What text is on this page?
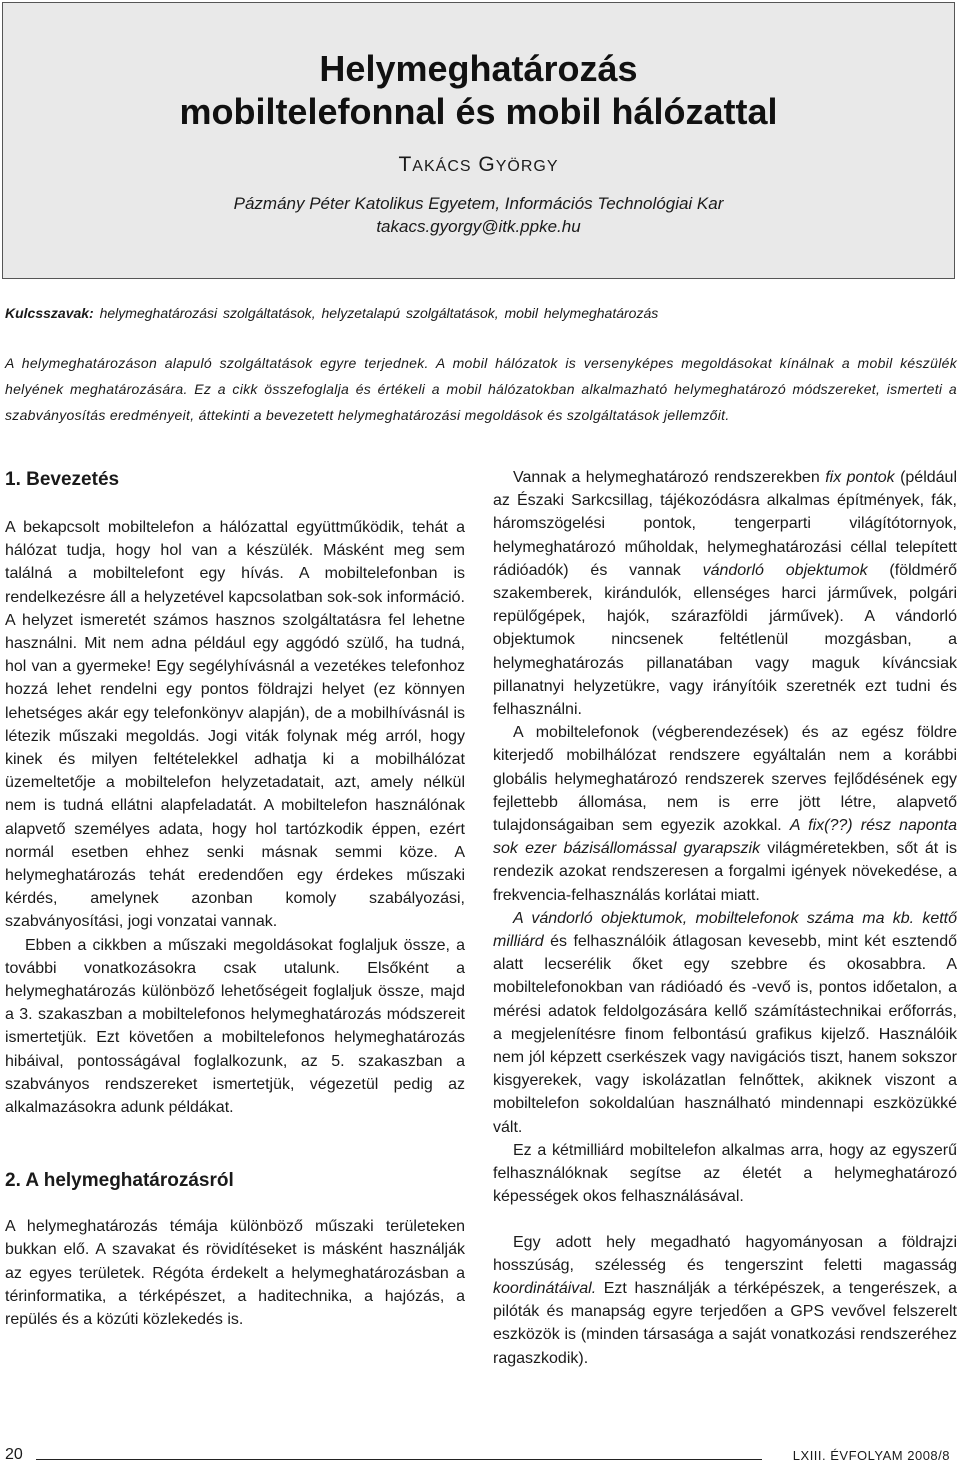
Helymeghatározás
mobiltelefonnal és mobil hálózattal
TAKÁCS GYÖRGY
Pázmány Péter Katolikus Egyetem, Információs Technológiai Kar
takacs.gyorgy@itk.ppke.hu
Kulcsszavak: helymeghatározási szolgáltatások, helyzetalapú szolgáltatások, mobil helymeghatározás
A helymeghatározáson alapuló szolgáltatások egyre terjednek. A mobil hálózatok is versenyképes megoldásokat kínálnak a mobil készülék helyének meghatározására. Ez a cikk összefoglalja és értékeli a mobil hálózatokban alkalmazható helymeghatározó módszereket, ismerteti a szabványosítás eredményeit, áttekinti a bevezetett helymeghatározási megoldások és szolgáltatások jellemzőit.
1. Bevezetés

A bekapcsolt mobiltelefon a hálózattal együttműködik, tehát a hálózat tudja, hogy hol van a készülék. Másként meg sem találná a mobiltelefont egy hívás. A mobiltelefonban is rendelkezésre áll a helyzetével kapcsolatban sok-sok információ. A helyzet ismeretét számos hasznos szolgáltatásra fel lehetne használni. Mit nem adna például egy aggódó szülő, ha tudná, hol van a gyermeke! Egy segélyhívásnál a vezetékes telefonhoz hozzá lehet rendelni egy pontos földrajzi helyet (ez könnyen lehetséges akár egy telefonkönyv alapján), de a mobilhívásnál is létezik műszaki megoldás. Jogi viták folynak még arról, hogy kinek és milyen feltételekkel adhatja ki a mobilhálózat üzemeltetője a mobiltelefon helyzetadatait, azt, amely nélkül nem is tudná ellátni alapfeladatát. A mobiltelefon használónak alapvető személyes adata, hogy hol tartózkodik éppen, ezért normál esetben ehhez senki másnak semmi köze. A helymeghatározás tehát eredendően egy érdekes műszaki kérdés, amelynek azonban komoly szabályozási, szabványosítási, jogi vonzatai vannak.

Ebben a cikkben a műszaki megoldásokat foglaljuk össze, a további vonatkozásokra csak utalunk. Elsőként a helymeghatározás különböző lehetőségeit foglaljuk össze, majd a 3. szakaszban a mobiltelefonos helymeghatározás módszereit ismertetjük. Ezt követően a mobiltelefonos helymeghatározás hibáival, pontosságával foglalkozunk, az 5. szakaszban a szabványos rendszereket ismertetjük, végezetül pedig az alkalmazásokra adunk példákat.

2. A helymeghatározásról

A helymeghatározás témája különböző műszaki területeken bukkan elő. A szavakat és rövidítéseket is másként használják az egyes területek. Régóta érdekelt a helymeghatározásban a térinformatika, a térképészet, a haditechnika, a hajózás, a repülés és a közúti közlekedés is.

Vannak a helymeghatározó rendszerekben fix pontok (például az Északi Sarkcsillag, tájékozódásra alkalmas építmények, fák, háromszögelési pontok, tengerparti világítótornyok, helymeghatározó műholdak, helymeghatározási céllal telepített rádióadók) és vannak vándorló objektumok (földmérő szakemberek, kirándulók, ellenséges harci járművek, polgári repülőgépek, hajók, szárazföldi járművek). A vándorló objektumok nincsenek feltétlenül mozgásban, a helymeghatározás pillanatában vagy maguk kíváncsiak pillanatnyi helyzetükre, vagy irányítóik szeretnék ezt tudni és felhasználni.

A mobiltelefonok (végberendezések) és az egész földre kiterjedő mobilhálózat rendszere egyáltalán nem a korábbi globális helymeghatározó rendszerek szerves fejlődésének egy fejlettebb állomása, nem is erre jött létre, alapvető tulajdonságaiban sem egyezik azokkal. A fix(??) rész naponta sok ezer bázisállomással gyarapszik világméretekben, sőt át is rendezik azokat rendszeresen a forgalmi igények növekedése, a frekvencia-felhasználás korlátai miatt.

A vándorló objektumok, mobiltelefonok száma ma kb. kettő milliárd és felhasználóik átlagosan kevesebb, mint két esztendő alatt lecserélik őket egy szebbre és okosabbra. A mobiltelefonokban van rádióadó és -vevő is, pontos időetalon, a mérési adatok feldolgozására kellő számítástechnikai erőforrás, a megjelenítésre finom felbontású grafikus kijelző. Használóik nem jól képzett cserkészek vagy navigációs tiszt, hanem sokszor kisgyerekek, vagy iskolázatlan felnőttek, akiknek viszont a mobiltelefon sokoldalúan használható mindennapi eszközükké vált.

Ez a kétmilliárd mobiltelefon alkalmas arra, hogy az egyszerű felhasználóknak segítse az életét a helymeghatározó képességek okos felhasználásával.

Egy adott hely megadható hagyományosan a földrajzi hosszúság, szélesség és tengerszint feletti magasság koordinátáival. Ezt használják a térképészek, a tengerészek, a pilóták és manapság egyre terjedően a GPS vevővel felszerelt eszközök is (minden társasága a saját vonatkozási rendszeréhez ragaszkodik).

20	LXIII. ÉVFOLYAM 2008/8
